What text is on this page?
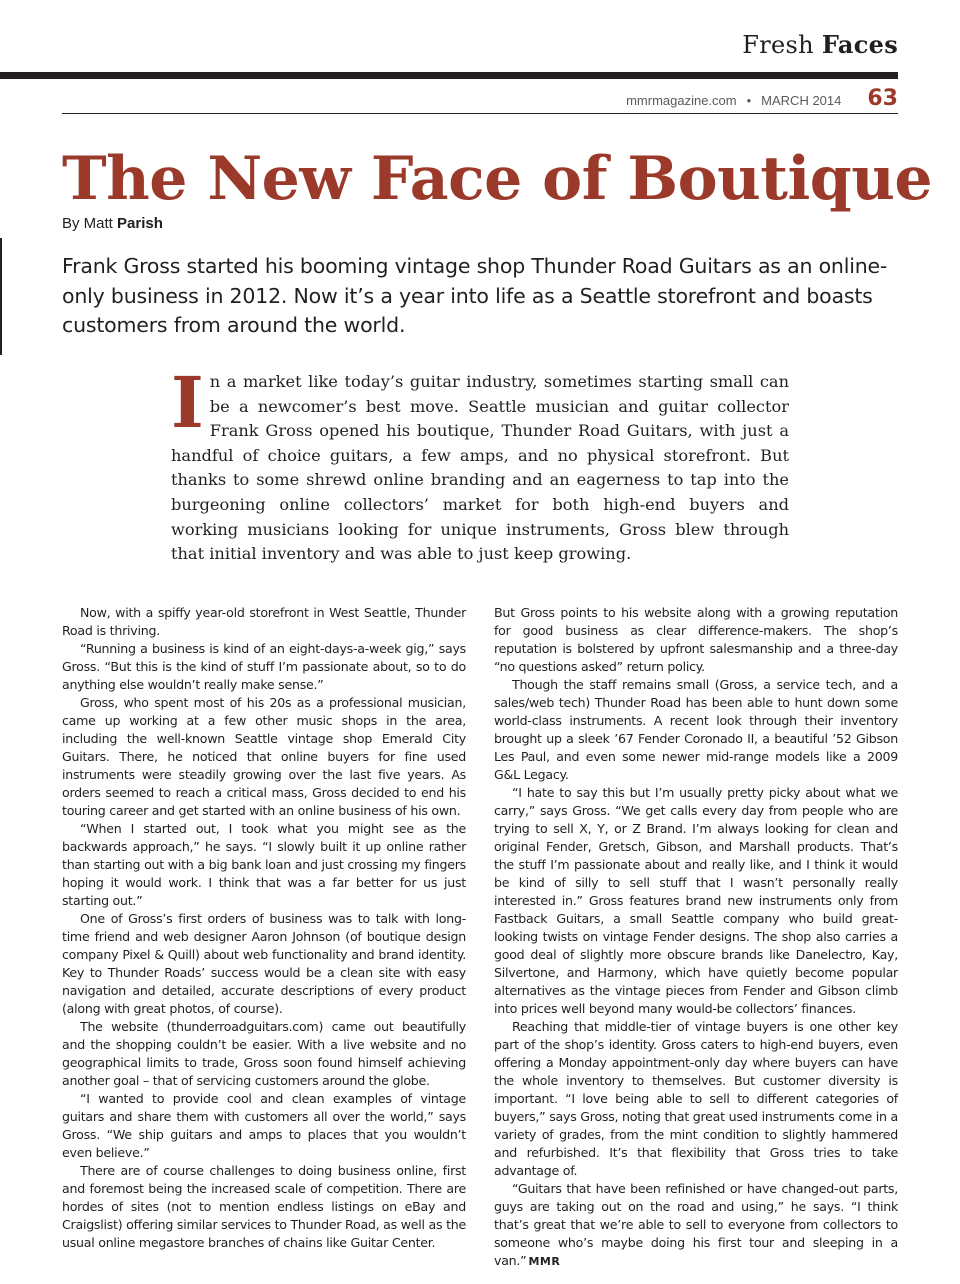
Fresh Faces
mmrmagazine.com • MARCH 2014 63
The New Face of Boutique
By Matt Parish

Frank Gross started his booming vintage shop Thunder Road Guitars as an online-only business in 2012. Now it’s a year into life as a Seattle storefront and boasts customers from around the world.

In a market like today’s guitar industry, sometimes starting small can be a newcomer’s best move. Seattle musician and guitar collector Frank Gross opened his boutique, Thunder Road Guitars, with just a handful of choice guitars, a few amps, and no physical storefront. But thanks to some shrewd online branding and an eagerness to tap into the burgeoning online collectors’ market for both high-end buyers and working musicians looking for unique instruments, Gross blew through that initial inventory and was able to just keep growing.

Now, with a spiffy year-old storefront in West Seattle, Thunder Road is thriving.

“Running a business is kind of an eight-days-a-week gig,” says Gross. “But this is the kind of stuff I’m passionate about, so to do anything else wouldn’t really make sense.”

Gross, who spent most of his 20s as a professional musician, came up working at a few other music shops in the area, including the well-known Seattle vintage shop Emerald City Guitars. There, he noticed that online buyers for fine used instruments were steadily growing over the last five years. As orders seemed to reach a critical mass, Gross decided to end his touring career and get started with an online business of his own.

“When I started out, I took what you might see as the backwards approach,” he says. “I slowly built it up online rather than starting out with a big bank loan and just crossing my fingers hoping it would work. I think that was a far better for us just starting out.”

One of Gross’s first orders of business was to talk with long-time friend and web designer Aaron Johnson (of boutique design company Pixel & Quill) about web functionality and brand identity. Key to Thunder Roads’ success would be a clean site with easy navigation and detailed, accurate descriptions of every product (along with great photos, of course).

The website (thunderroadguitars.com) came out beautifully and the shopping couldn’t be easier. With a live website and no geographical limits to trade, Gross soon found himself achieving another goal – that of servicing customers around the globe.

“I wanted to provide cool and clean examples of vintage guitars and share them with customers all over the world,” says Gross. “We ship guitars and amps to places that you wouldn’t even believe.”

There are of course challenges to doing business online, first and foremost being the increased scale of competition. There are hordes of sites (not to mention endless listings on eBay and Craigslist) offering similar services to Thunder Road, as well as the usual online megastore branches of chains like Guitar Center.

But Gross points to his website along with a growing reputation for good business as clear difference-makers. The shop’s reputation is bolstered by upfront salesmanship and a three-day “no questions asked” return policy.

Though the staff remains small (Gross, a service tech, and a sales/web tech) Thunder Road has been able to hunt down some world-class instruments. A recent look through their inventory brought up a sleek ’67 Fender Coronado II, a beautiful ’52 Gibson Les Paul, and even some newer mid-range models like a 2009 G&L Legacy.

“I hate to say this but I’m usually pretty picky about what we carry,” says Gross. “We get calls every day from people who are trying to sell X, Y, or Z Brand. I’m always looking for clean and original Fender, Gretsch, Gibson, and Marshall products. That’s the stuff I’m passionate about and really like, and I think it would be kind of silly to sell stuff that I wasn’t personally really interested in.” Gross features brand new instruments only from Fastback Guitars, a small Seattle company who build great-looking twists on vintage Fender designs. The shop also carries a good deal of slightly more obscure brands like Danelectro, Kay, Silvertone, and Harmony, which have quietly become popular alternatives as the vintage pieces from Fender and Gibson climb into prices well beyond many would-be collectors’ finances.

Reaching that middle-tier of vintage buyers is one other key part of the shop’s identity. Gross caters to high-end buyers, even offering a Monday appointment-only day where buyers can have the whole inventory to themselves. But customer diversity is important. “I love being able to sell to different categories of buyers,” says Gross, noting that great used instruments come in a variety of grades, from the mint condition to slightly hammered and refurbished. It’s that flexibility that Gross tries to take advantage of.

“Guitars that have been refinished or have changed-out parts, guys are taking out on the road and using,” he says. “I think that’s great that we’re able to sell to everyone from collectors to someone who’s maybe doing his first tour and sleeping in a van.” MMR
